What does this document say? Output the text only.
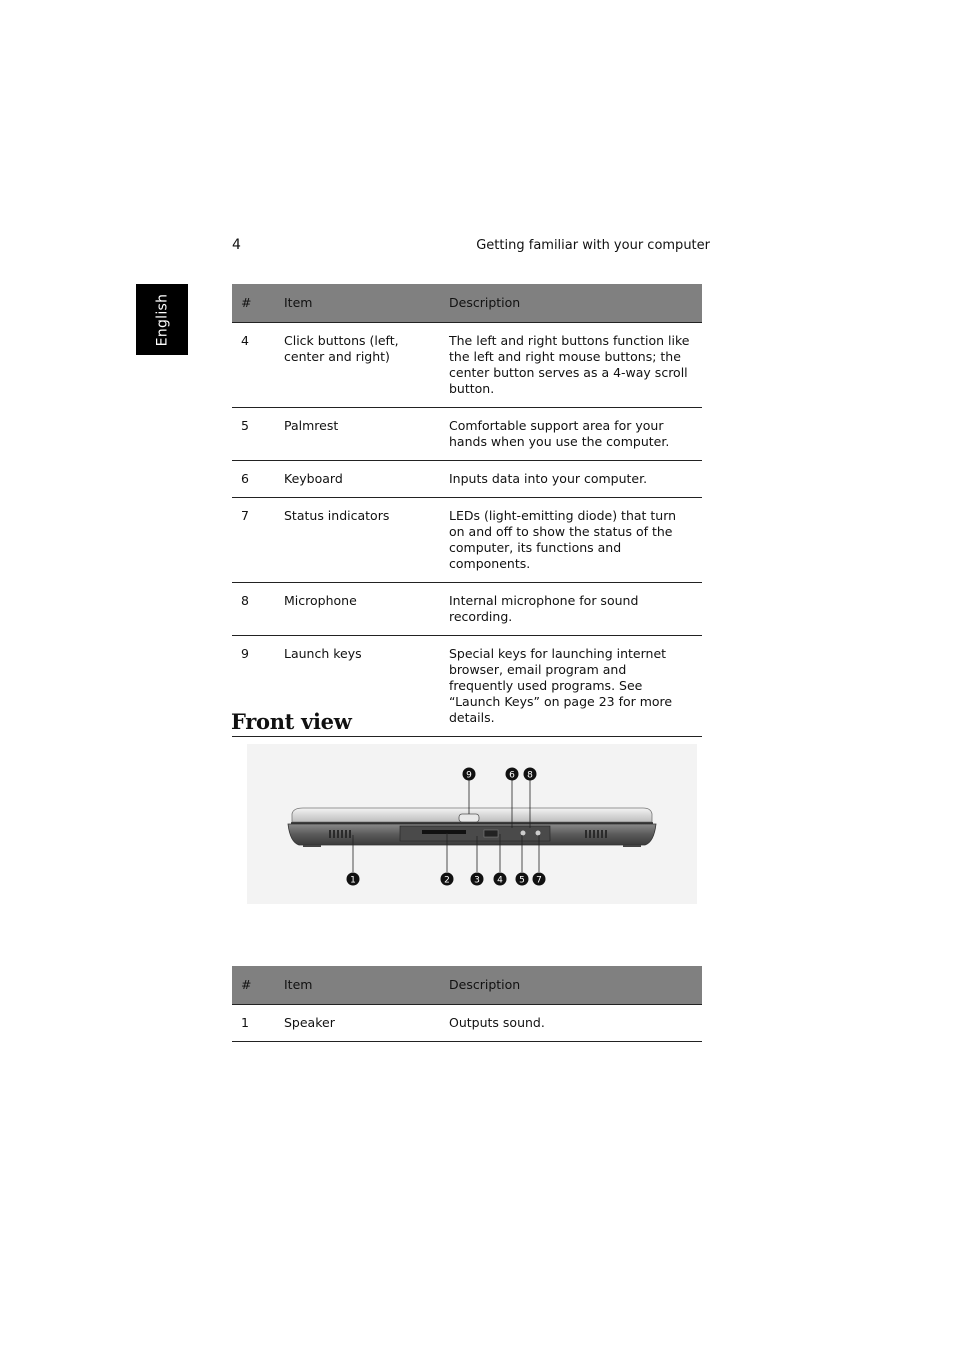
English
4	Getting familiar with your computer
#	Item	Description
4	Click buttons (left, center and right)	The left and right buttons function like the left and right mouse buttons; the center button serves as a 4-way scroll button.
5	Palmrest	Comfortable support area for your hands when you use the computer.
6	Keyboard	Inputs data into your computer.
7	Status indicators	LEDs (light-emitting diode) that turn on and off to show the status of the computer, its functions and components.
8	Microphone	Internal microphone for sound recording.
9	Launch keys	Special keys for launching internet browser, email program and frequently used programs. See “Launch Keys” on page 23 for more details.
Front view
1	2	3 4 5
6
7
8
9
#	Item	Description
1	Speaker	Outputs sound.
